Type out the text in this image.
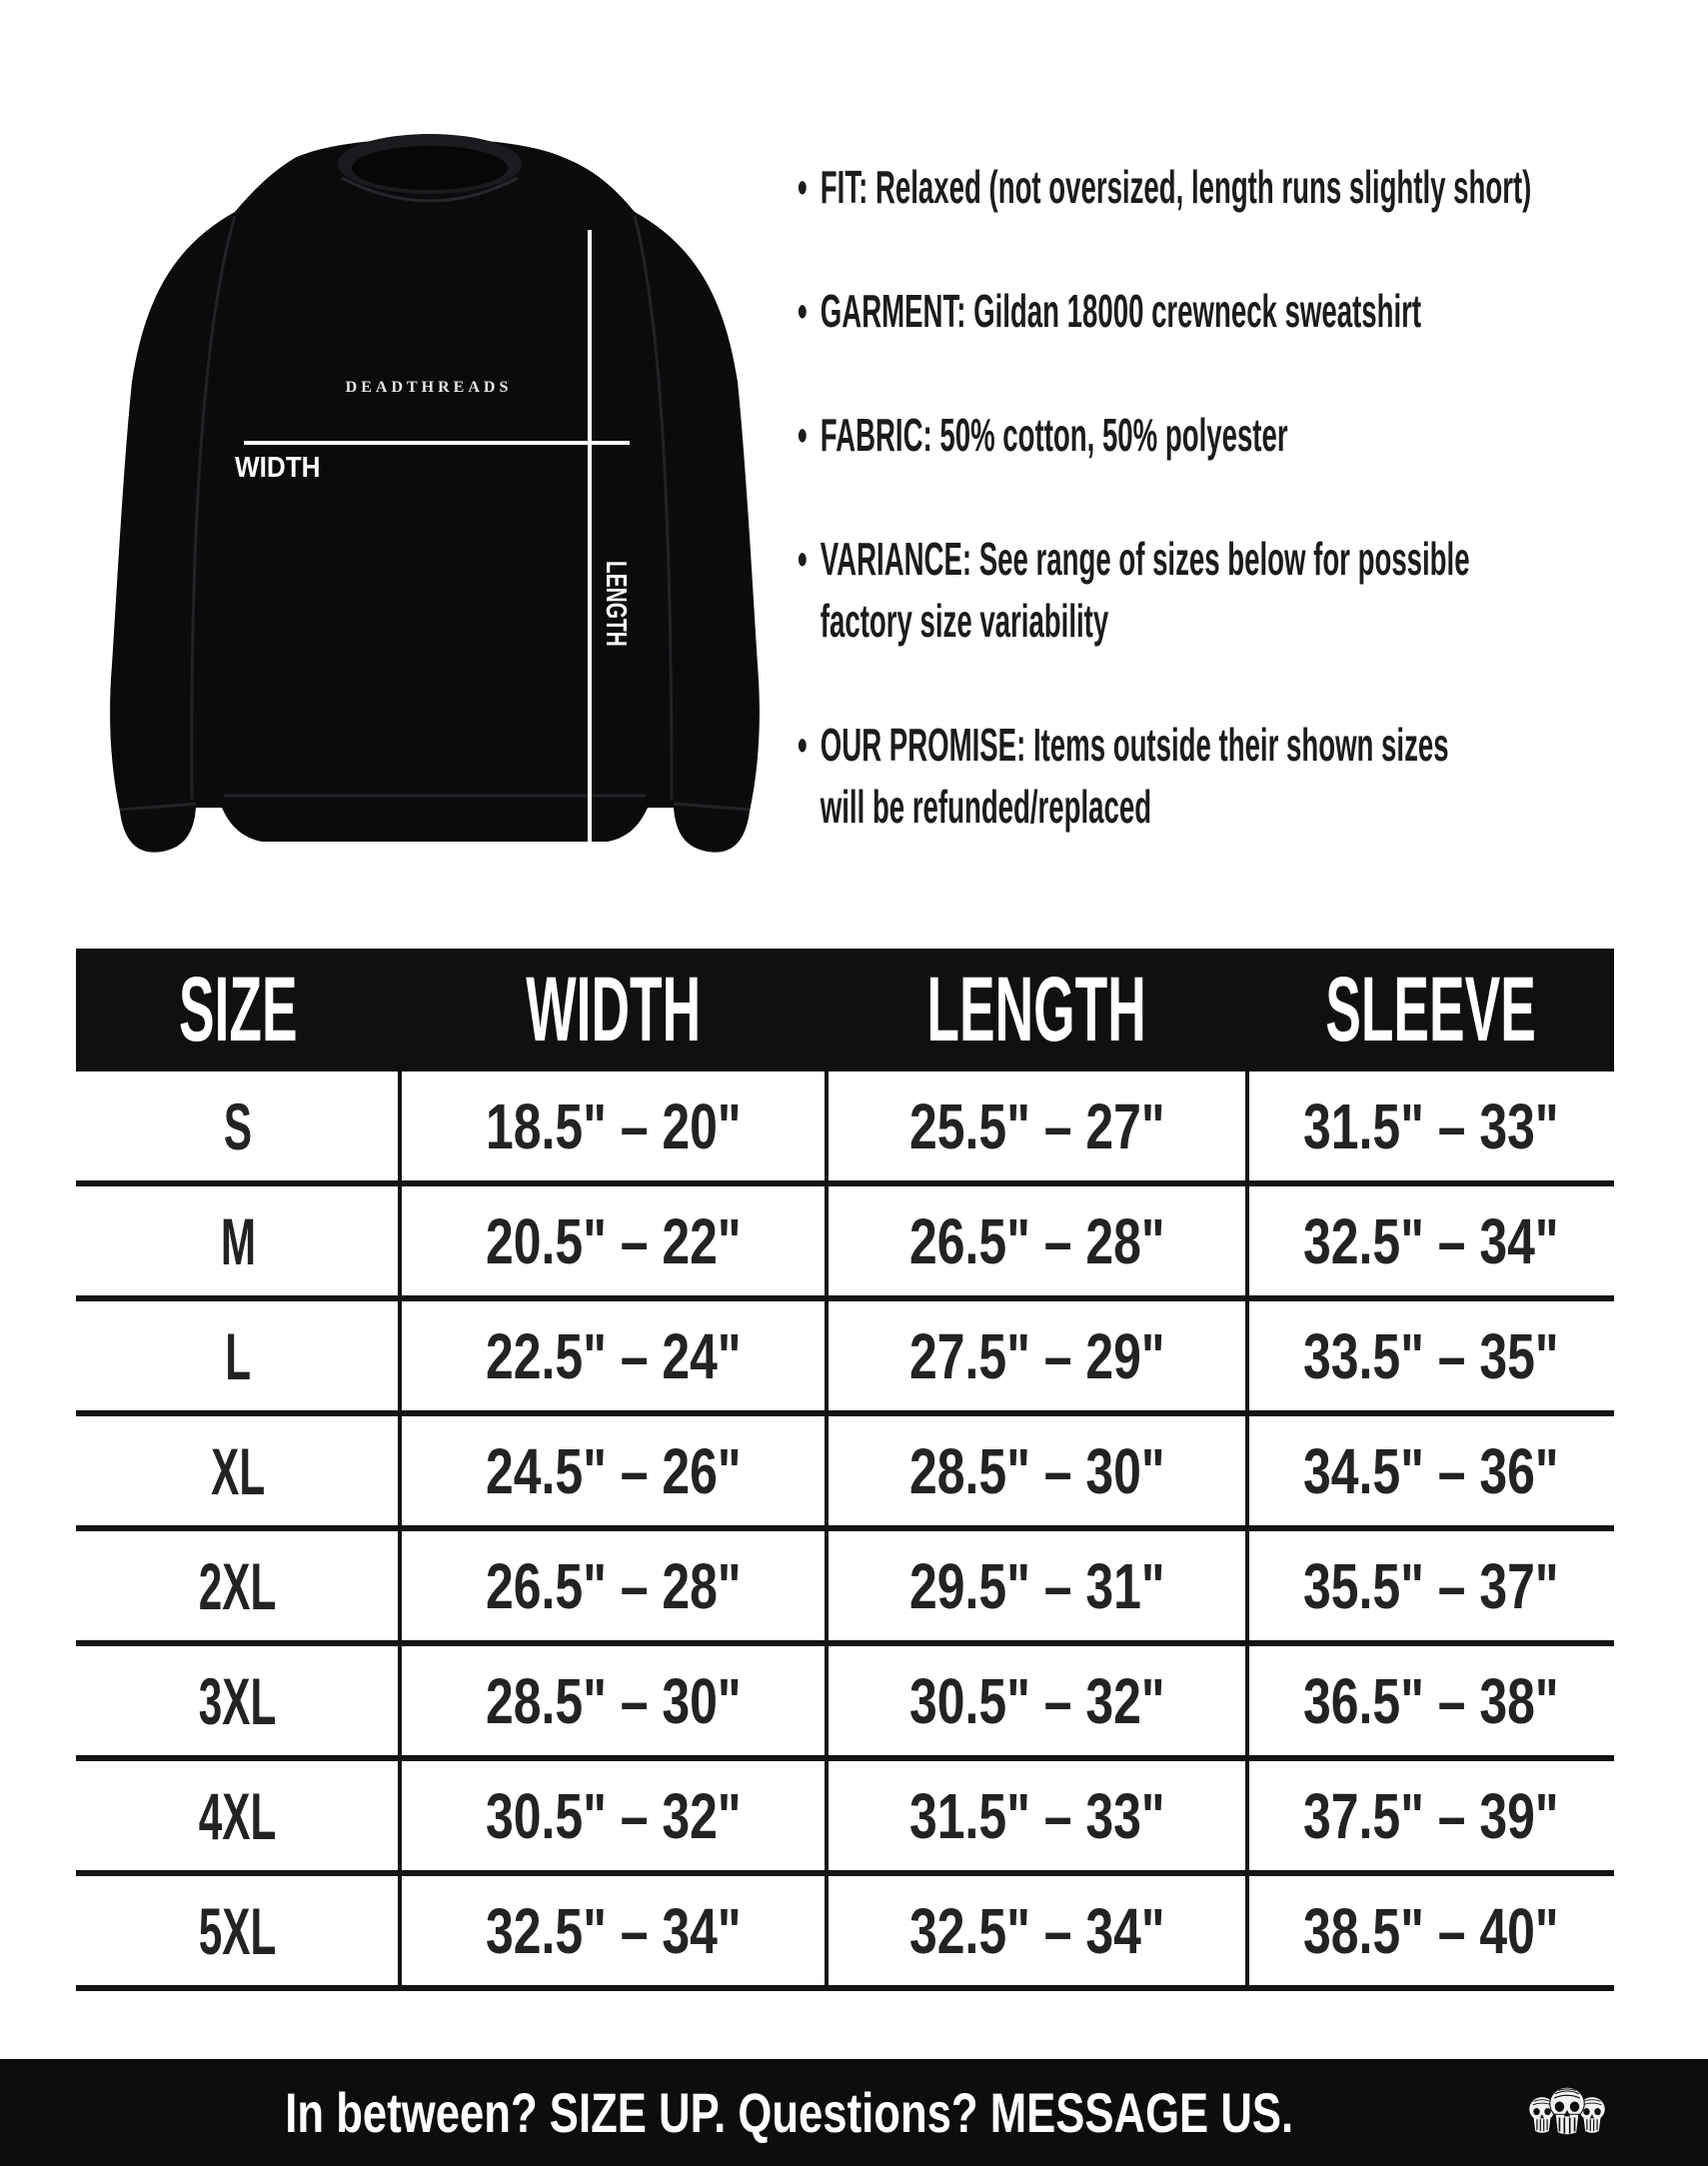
DEADTHREADS
WIDTH
LENGTH
• FIT: Relaxed (not oversized, length runs slightly short)
• GARMENT: Gildan 18000 crewneck sweatshirt
• FABRIC: 50% cotton, 50% polyester
• VARIANCE: See range of sizes below for possible
factory size variability
• OUR PROMISE: Items outside their shown sizes
will be refunded/replaced
SIZE WIDTH LENGTH SLEEVE
S	18.5" – 20"	25.5" – 27" 31.5" – 33"
M	20.5" – 22"	26.5" – 28" 32.5" – 34"
L	22.5" – 24"	27.5" – 29" 33.5" – 35"
XL	24.5" – 26"	28.5" – 30" 34.5" – 36"
2XL	26.5" – 28"	29.5" – 31" 35.5" – 37"
3XL	28.5" – 30"	30.5" – 32" 36.5" – 38"
4XL	30.5" – 32"	31.5" – 33" 37.5" – 39"
5XL	32.5" – 34"	32.5" – 34" 38.5" – 40"
In between? SIZE UP. Questions? MESSAGE US.
